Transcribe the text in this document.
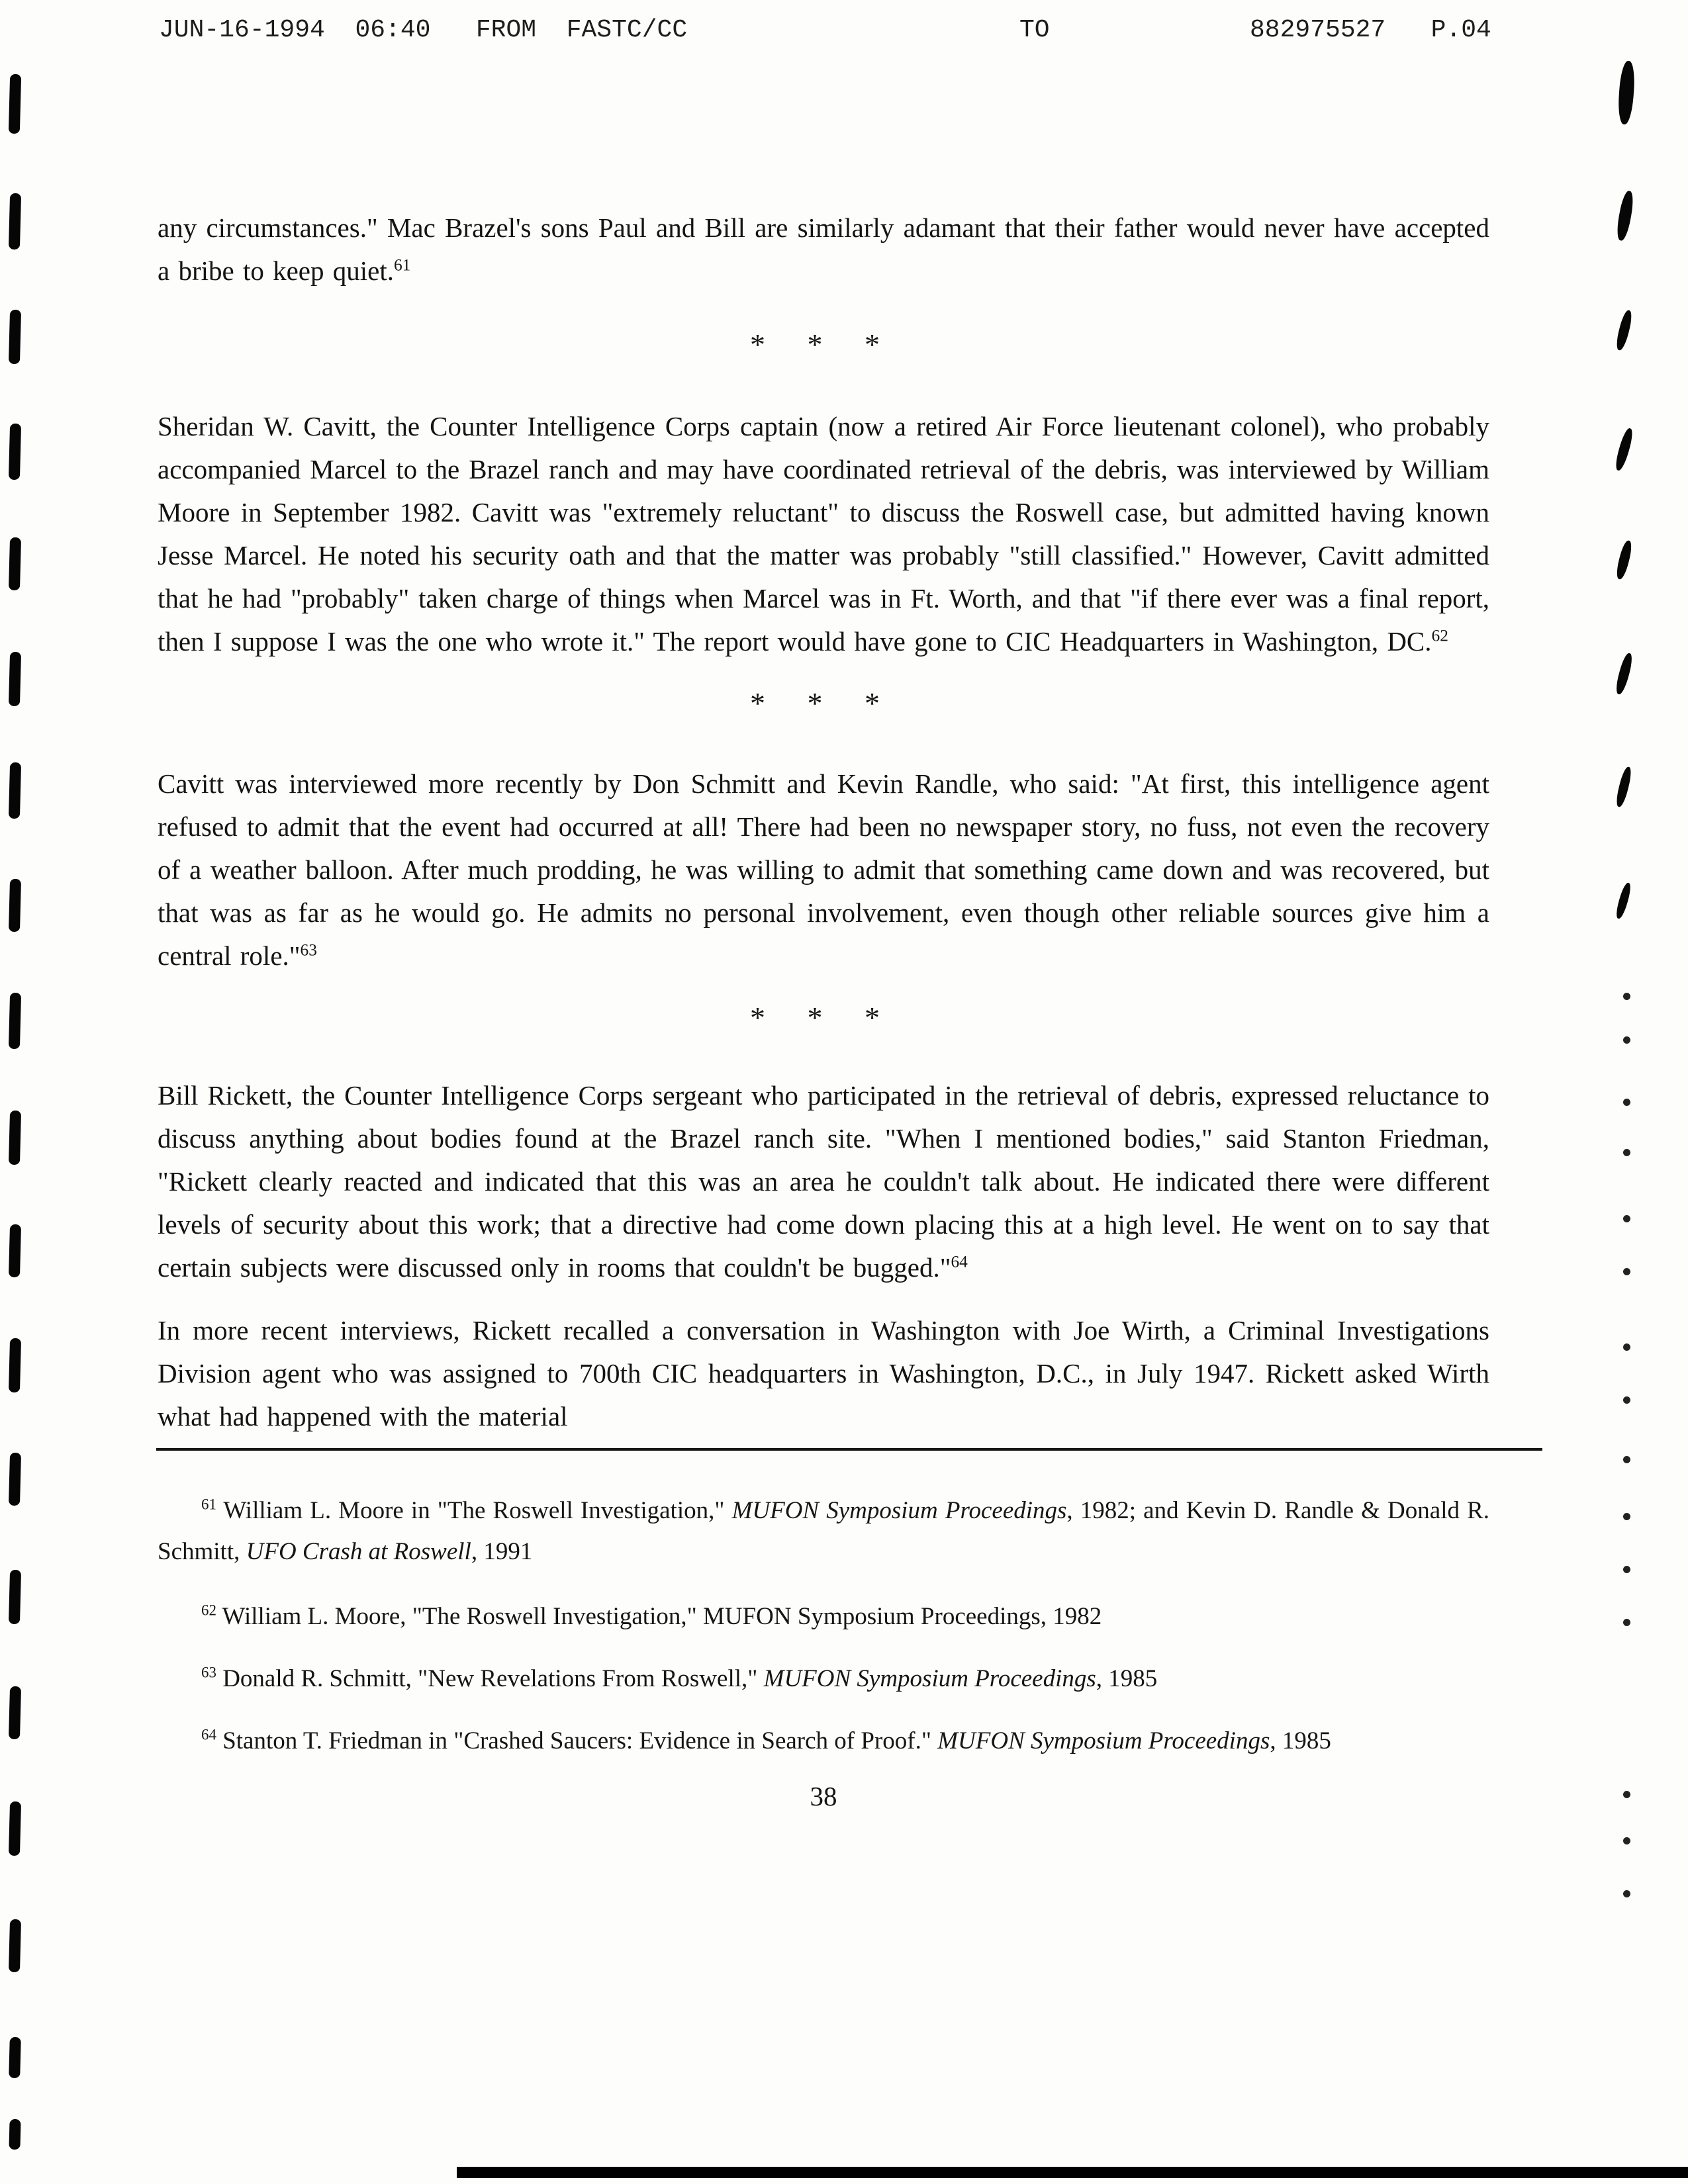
JUN-16-1994  06:40   FROM  FASTC/CC

	TO

	882975527   P.04

any circumstances." Mac Brazel's sons Paul and Bill are similarly adamant that their father would never have accepted a bribe to keep quiet.$^{61}$

* * *

Sheridan W. Cavitt, the Counter Intelligence Corps captain (now a retired Air Force lieutenant colonel), who probably accompanied Marcel to the Brazel ranch and may have coordinated retrieval of the debris, was interviewed by William Moore in September 1982. Cavitt was "extremely reluctant" to discuss the Roswell case, but admitted having known Jesse Marcel. He noted his security oath and that the matter was probably "still classified." However, Cavitt admitted that he had "probably" taken charge of things when Marcel was in Ft. Worth, and that "if there ever was a final report, then I suppose I was the one who wrote it." The report would have gone to CIC Headquarters in Washington, DC.$^{62}$

* * *

Cavitt was interviewed more recently by Don Schmitt and Kevin Randle, who said: "At first, this intelligence agent refused to admit that the event had occurred at all! There had been no newspaper story, no fuss, not even the recovery of a weather balloon. After much prodding, he was willing to admit that something came down and was recovered, but that was as far as he would go. He admits no personal involvement, even though other reliable sources give him a central role."$^{63}$

* * *

Bill Rickett, the Counter Intelligence Corps sergeant who participated in the retrieval of debris, expressed reluctance to discuss anything about bodies found at the Brazel ranch site. "When I mentioned bodies," said Stanton Friedman, "Rickett clearly reacted and indicated that this was an area he couldn't talk about. He indicated there were different levels of security about this work; that a directive had come down placing this at a high level. He went on to say that certain subjects were discussed only in rooms that couldn't be bugged."$^{64}$

In more recent interviews, Rickett recalled a conversation in Washington with Joe Wirth, a Criminal Investigations Division agent who was assigned to 700th CIC headquarters in Washington, D.C., in July 1947. Rickett asked Wirth what had happened with the material

$^{61}$ William L. Moore in "The Roswell Investigation," MUFON Symposium Proceedings, 1982; and Kevin D. Randle & Donald R. Schmitt, UFO Crash at Roswell, 1991

$^{62}$ William L. Moore, "The Roswell Investigation," MUFON Symposium Proceedings, 1982

$^{63}$ Donald R. Schmitt, "New Revelations From Roswell," MUFON Symposium Proceedings, 1985

$^{64}$ Stanton T. Friedman in "Crashed Saucers: Evidence in Search of Proof." MUFON Symposium Proceedings, 1985

38
